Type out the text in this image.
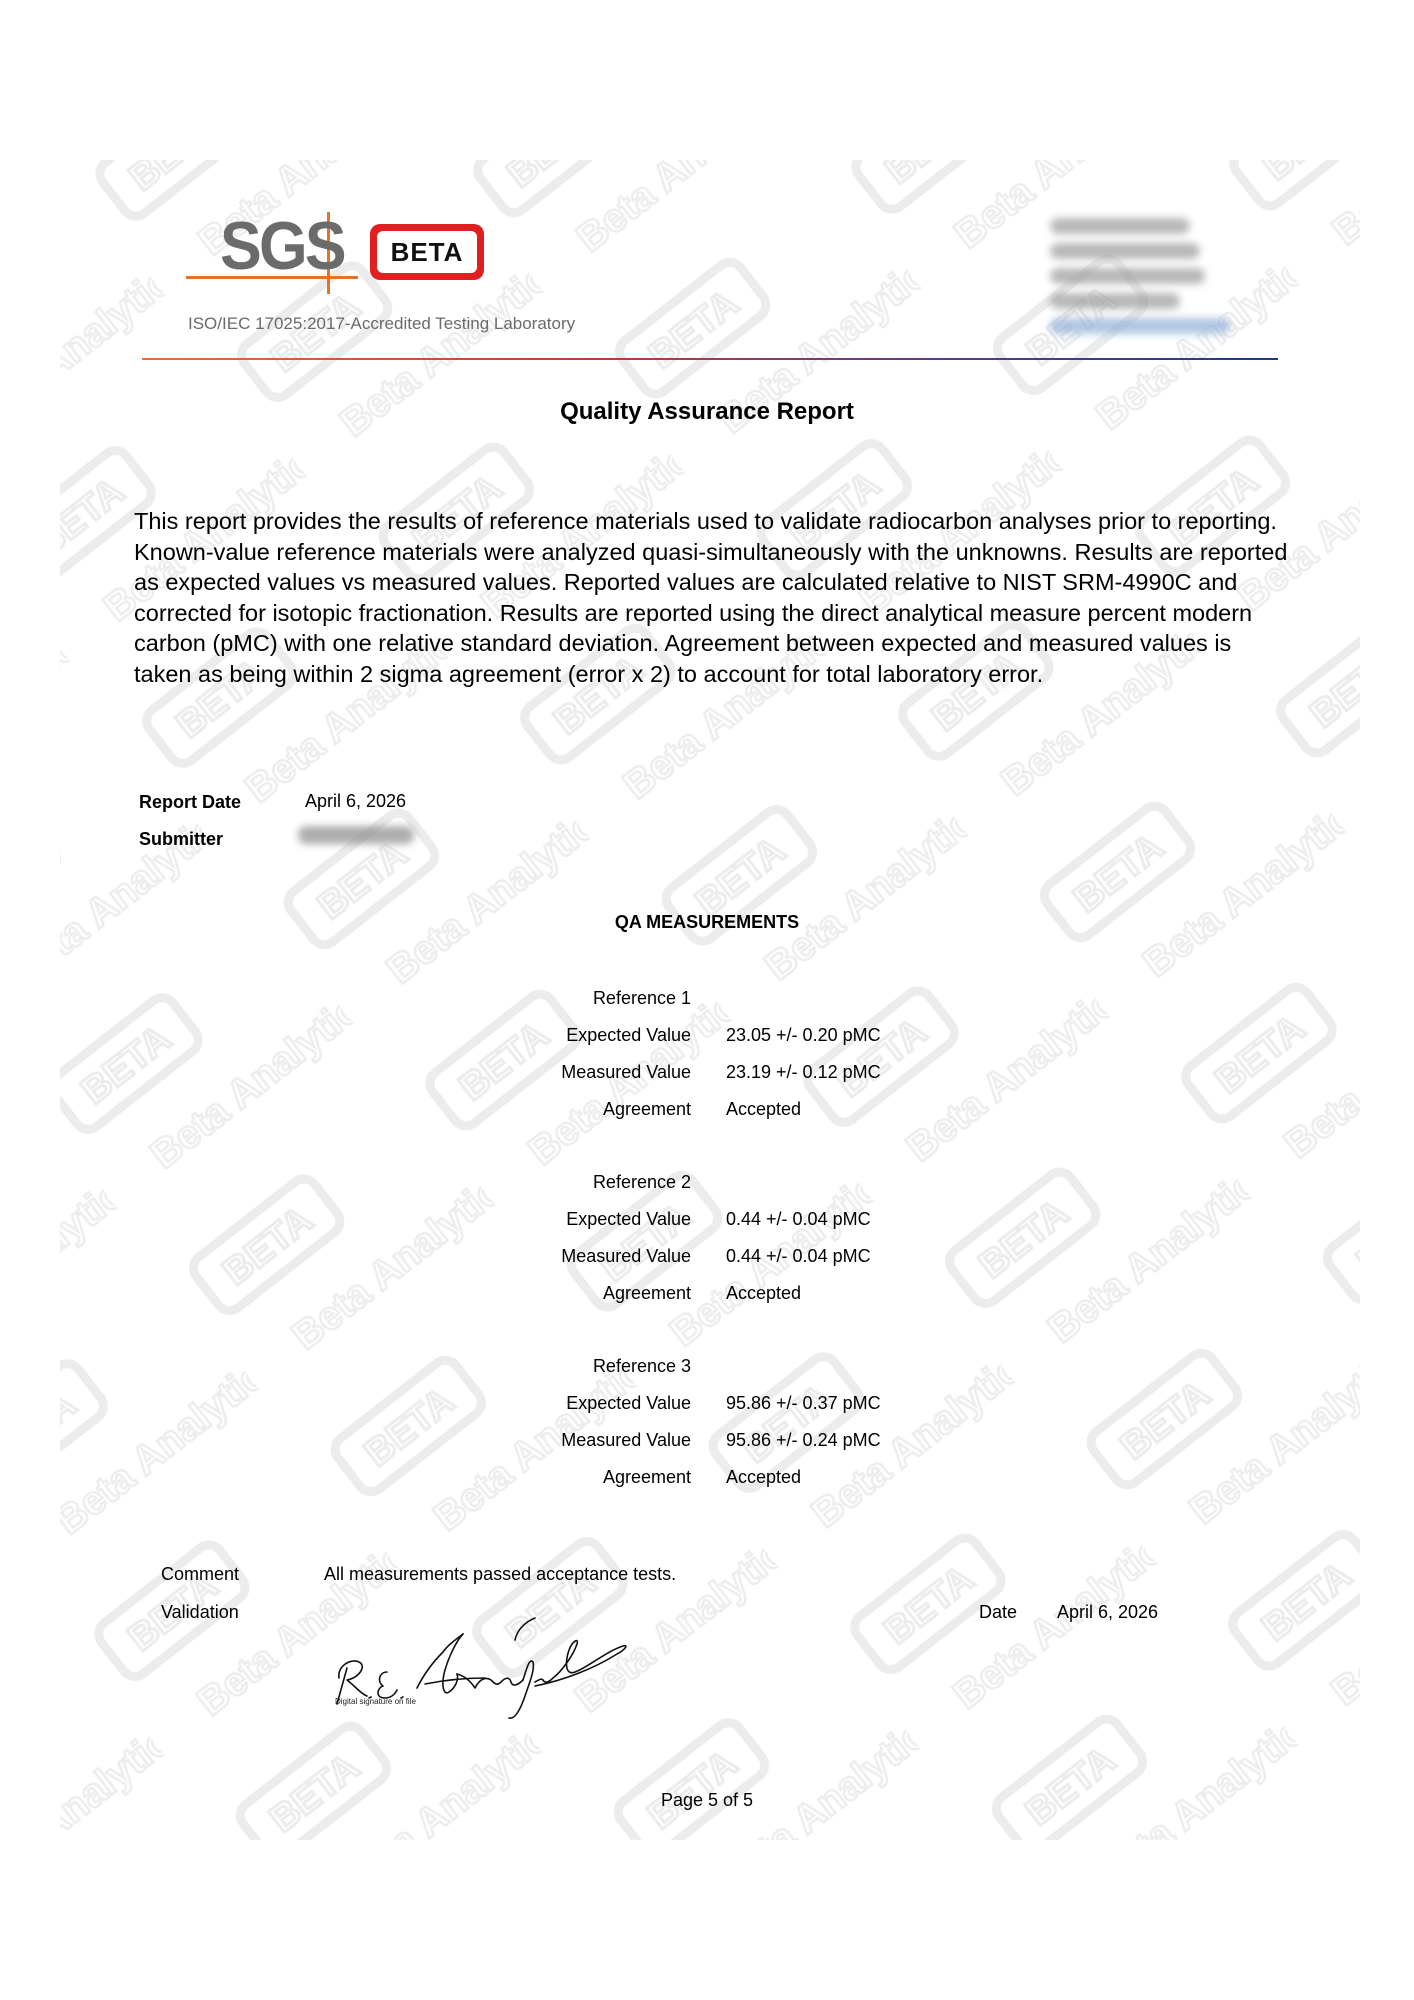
SGS	BETA
ISO/IEC 17025:2017-Accredited Testing Laboratory
Quality Assurance Report

This report provides the results of reference materials used to validate radiocarbon analyses prior to reporting. Known-value reference materials were analyzed quasi-simultaneously with the unknowns. Results are reported as expected values vs measured values. Reported values are calculated relative to NIST SRM-4990C and corrected for isotopic fractionation. Results are reported using the direct analytical measure percent modern carbon (pMC) with one relative standard deviation. Agreement between expected and measured values is taken as being within 2 sigma agreement (error x 2) to account for total laboratory error.

Report Date	April 6, 2026
Submitter
QA MEASUREMENTS
Reference 1
Expected Value 23.05 +/- 0.20 pMC
Measured Value 23.19 +/- 0.12 pMC
Agreement Accepted
Reference 2
Expected Value 0.44 +/- 0.04 pMC
Measured Value 0.44 +/- 0.04 pMC
Agreement Accepted
Reference 3
Expected Value 95.86 +/- 0.37 pMC
Measured Value 95.86 +/- 0.24 pMC
Agreement Accepted
Comment	All measurements passed acceptance tests.
Validation
Digital signature on file
Date April 6, 2026
Page 5 of 5
